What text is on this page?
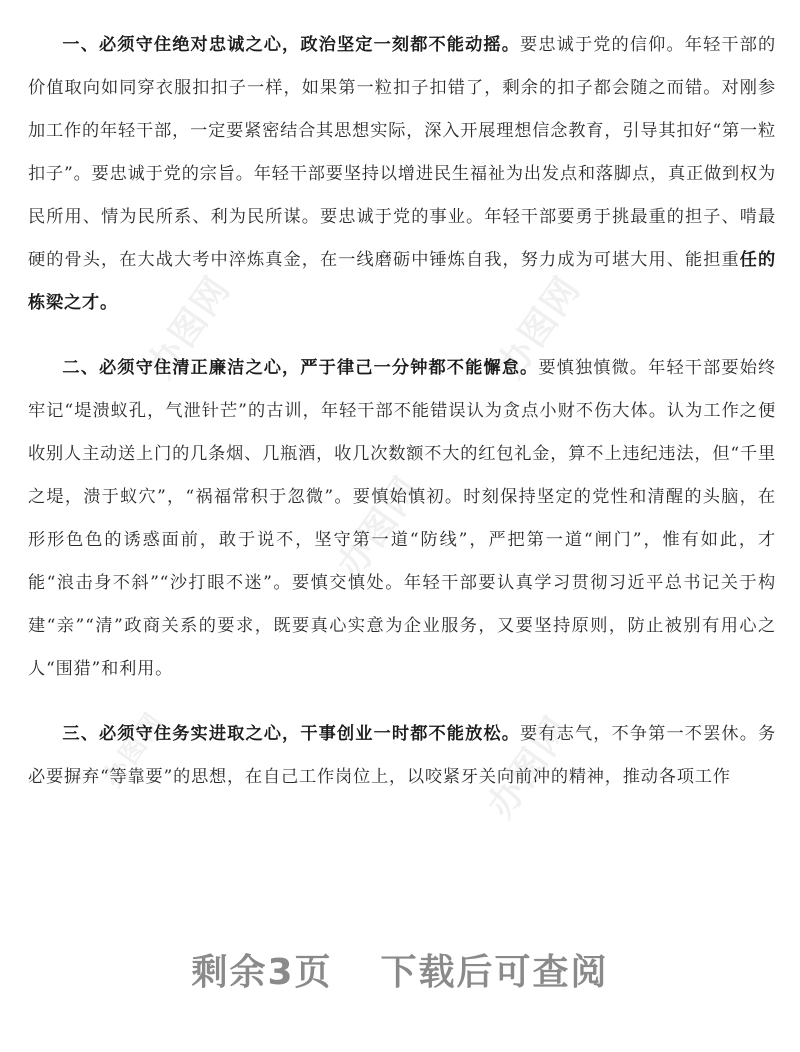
办图网	办图网
办图网
办图网
办图网

一、必须守住绝对忠诚之心，政治坚定一刻都不能动摇。要忠诚于党的信仰。年轻干部的价值取向如同穿衣服扣扣子一样，如果第一粒扣子扣错了，剩余的扣子都会随之而错。对刚参加工作的年轻干部，一定要紧密结合其思想实际，深入开展理想信念教育，引导其扣好“第一粒扣子”。要忠诚于党的宗旨。年轻干部要坚持以增进民生福祉为出发点和落脚点，真正做到权为民所用、情为民所系、利为民所谋。要忠诚于党的事业。年轻干部要勇于挑最重的担子、啃最硬的骨头，在大战大考中淬炼真金，在一线磨砺中锤炼自我，努力成为可堪大用、能担重任的栋梁之才。

二、必须守住清正廉洁之心，严于律己一分钟都不能懈怠。要慎独慎微。年轻干部要始终牢记“堤溃蚁孔，气泄针芒”的古训，年轻干部不能错误认为贪点小财不伤大体。认为工作之便收别人主动送上门的几条烟、几瓶酒，收几次数额不大的红包礼金，算不上违纪违法，但“千里之堤，溃于蚁穴”，“祸福常积于忽微”。要慎始慎初。时刻保持坚定的党性和清醒的头脑，在形形色色的诱惑面前，敢于说不，坚守第一道“防线”，严把第一道“闸门”，惟有如此，才能“浪击身不斜”“沙打眼不迷”。要慎交慎处。年轻干部要认真学习贯彻习近平总书记关于构建“亲”“清”政商关系的要求，既要真心实意为企业服务，又要坚持原则，防止被别有用心之人“围猎”和利用。

三、必须守住务实进取之心，干事创业一时都不能放松。要有志气，不争第一不罢休。务必要摒弃“等靠要”的思想，在自己工作岗位上，以咬紧牙关向前冲的精神，推动各项工作

剩余3页 下载后可查阅
